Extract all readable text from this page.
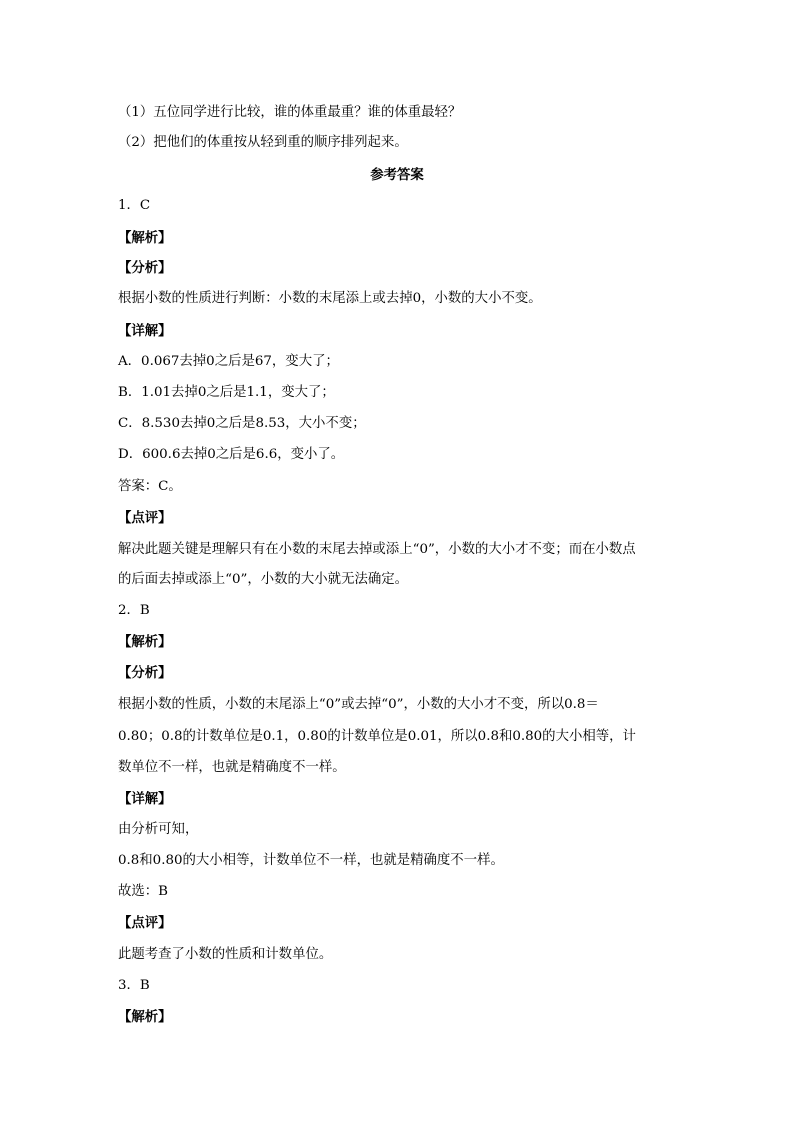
（1）五位同学进行比较，谁的体重最重？谁的体重最轻？
（2）把他们的体重按从轻到重的顺序排列起来。
参考答案
1．C
【解析】
【分析】
根据小数的性质进行判断：小数的末尾添上或去掉0，小数的大小不变。
【详解】
A．0.067去掉0之后是67，变大了；
B．1.01去掉0之后是1.1，变大了；
C．8.530去掉0之后是8.53，大小不变；
D．600.6去掉0之后是6.6，变小了。
答案：C。
【点评】
解决此题关键是理解只有在小数的末尾去掉或添上“0”，小数的大小才不变；而在小数点
的后面去掉或添上“0”，小数的大小就无法确定。
2．B
【解析】
【分析】
根据小数的性质，小数的末尾添上“0”或去掉“0”，小数的大小才不变，所以0.8＝
0.80；0.8的计数单位是0.1，0.80的计数单位是0.01，所以0.8和0.80的大小相等，计
数单位不一样，也就是精确度不一样。
【详解】
由分析可知，
0.8和0.80的大小相等，计数单位不一样，也就是精确度不一样。
故选：B
【点评】
此题考查了小数的性质和计数单位。
3．B
【解析】
